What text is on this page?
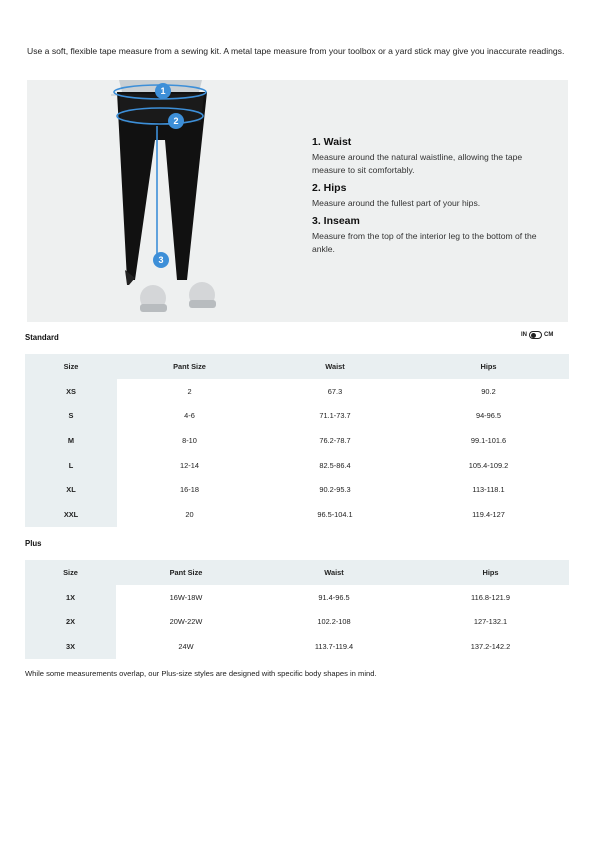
Use a soft, flexible tape measure from a sewing kit. A metal tape measure from your toolbox or a yard stick may give you inaccurate readings.
1
2
3
1. Waist
Measure around the natural waistline, allowing the tape measure to sit comfortably.
2. Hips
Measure around the fullest part of your hips.
3. Inseam
Measure from the top of the interior leg to the bottom of the ankle.
Standard	IN	CM
Size	Pant Size	Waist	Hips
XS	2	67.3	90.2
S	4-6	71.1-73.7	94-96.5
M	8-10	76.2-78.7	99.1-101.6
L	12-14	82.5-86.4	105.4-109.2
XL	16-18	90.2-95.3	113-118.1
XXL	20	96.5-104.1	119.4-127
Plus
Size	Pant Size	Waist	Hips
1X	16W-18W	91.4-96.5	116.8-121.9
2X	20W-22W	102.2-108	127-132.1
3X	24W	113.7-119.4	137.2-142.2
While some measurements overlap, our Plus-size styles are designed with specific body shapes in mind.
